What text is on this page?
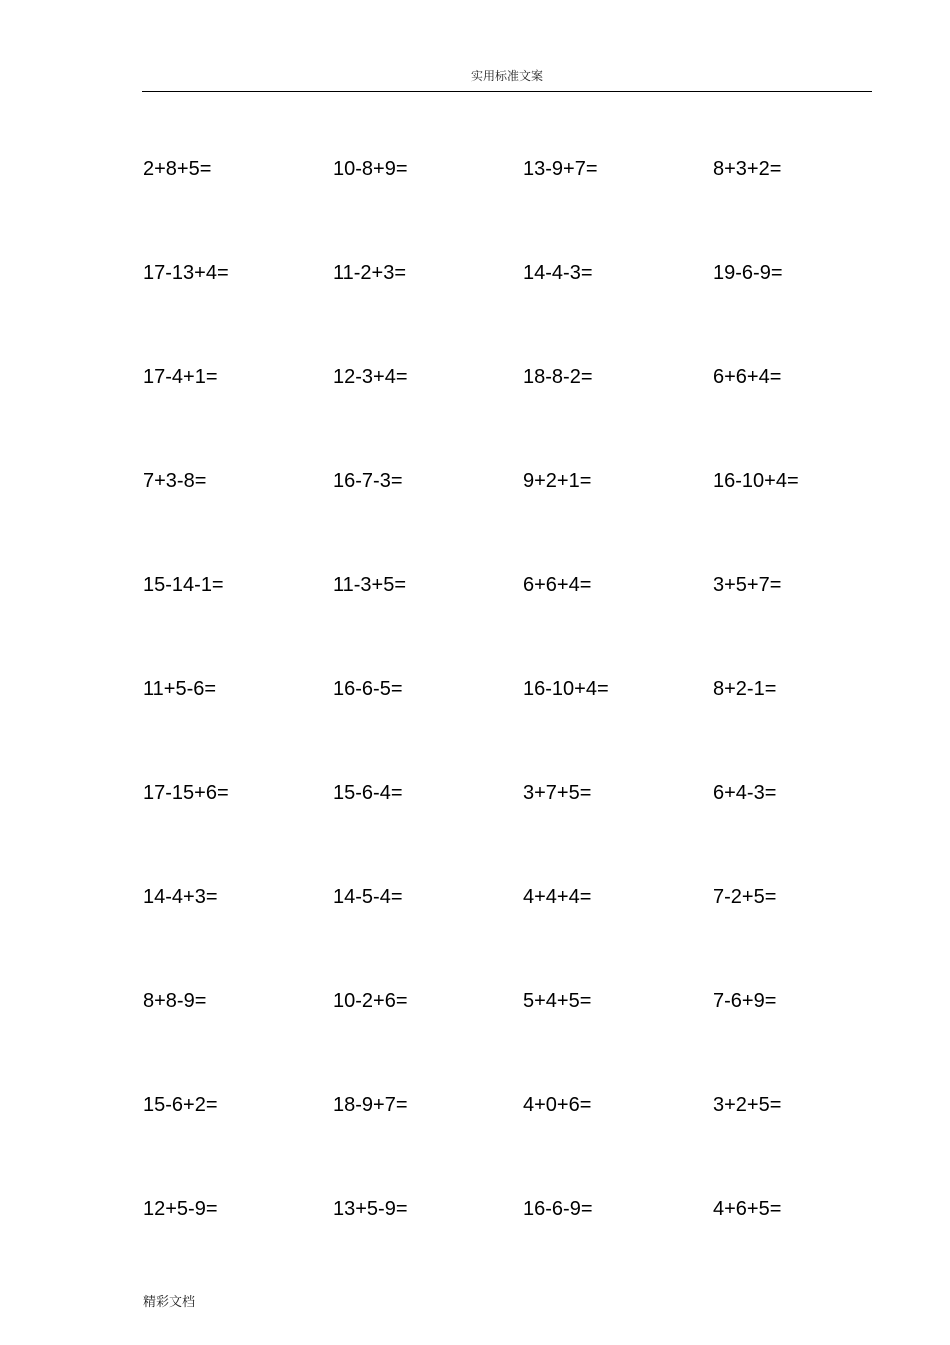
实用标准文案
2+8+5=	10-8+9=	13-9+7=	8+3+2=
17-13+4=	11-2+3=	14-4-3=	19-6-9=
17-4+1=	12-3+4=	18-8-2=	6+6+4=
7+3-8=	16-7-3=	9+2+1=	16-10+4=
15-14-1=	11-3+5=	6+6+4=	3+5+7=
11+5-6=	16-6-5=	16-10+4=	8+2-1=
17-15+6=	15-6-4=	3+7+5=	6+4-3=
14-4+3=	14-5-4=	4+4+4=	7-2+5=
8+8-9=	10-2+6=	5+4+5=	7-6+9=
15-6+2=	18-9+7=	4+0+6=	3+2+5=
12+5-9=	13+5-9=	16-6-9=	4+6+5=
精彩文档
